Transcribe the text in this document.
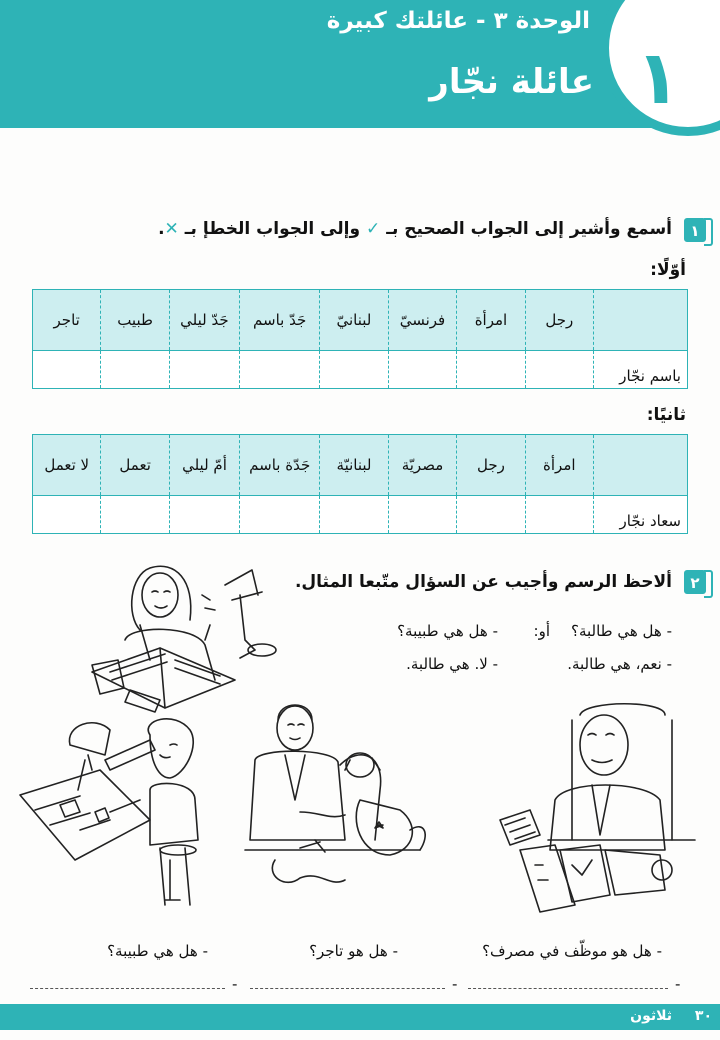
١
الوحدة ٣ - عائلتك كبيرة
عائلة نجّار
١
أسمع وأشير إلى الجواب الصحيح بـ ✓ وإلى الجواب الخطإ بـ ✕.
أوّلًا:
	رجل	امرأة	فرنسيّ	لبنانيّ	جَدّ باسم	جَدّ ليلي	طبيب	تاجر
باسم نجّار								
ثانيًا:
	امرأة	رجل	مصريّة	لبنانيّة	جَدّة باسم	أمّ ليلي	تعمل	لا تعمل
سعاد نجّار								
٢
ألاحظ الرسم وأجيب عن السؤال متّبعا المثال.
- هل هي طالبة؟
أو:
- هل هي طبيبة؟
- نعم، هي طالبة.
- لا. هي طالبة.
- هل هو موظّف في مصرف؟
- هل هو تاجر؟
- هل هي طبيبة؟
-
-
-
٣٠ ثلاثون
